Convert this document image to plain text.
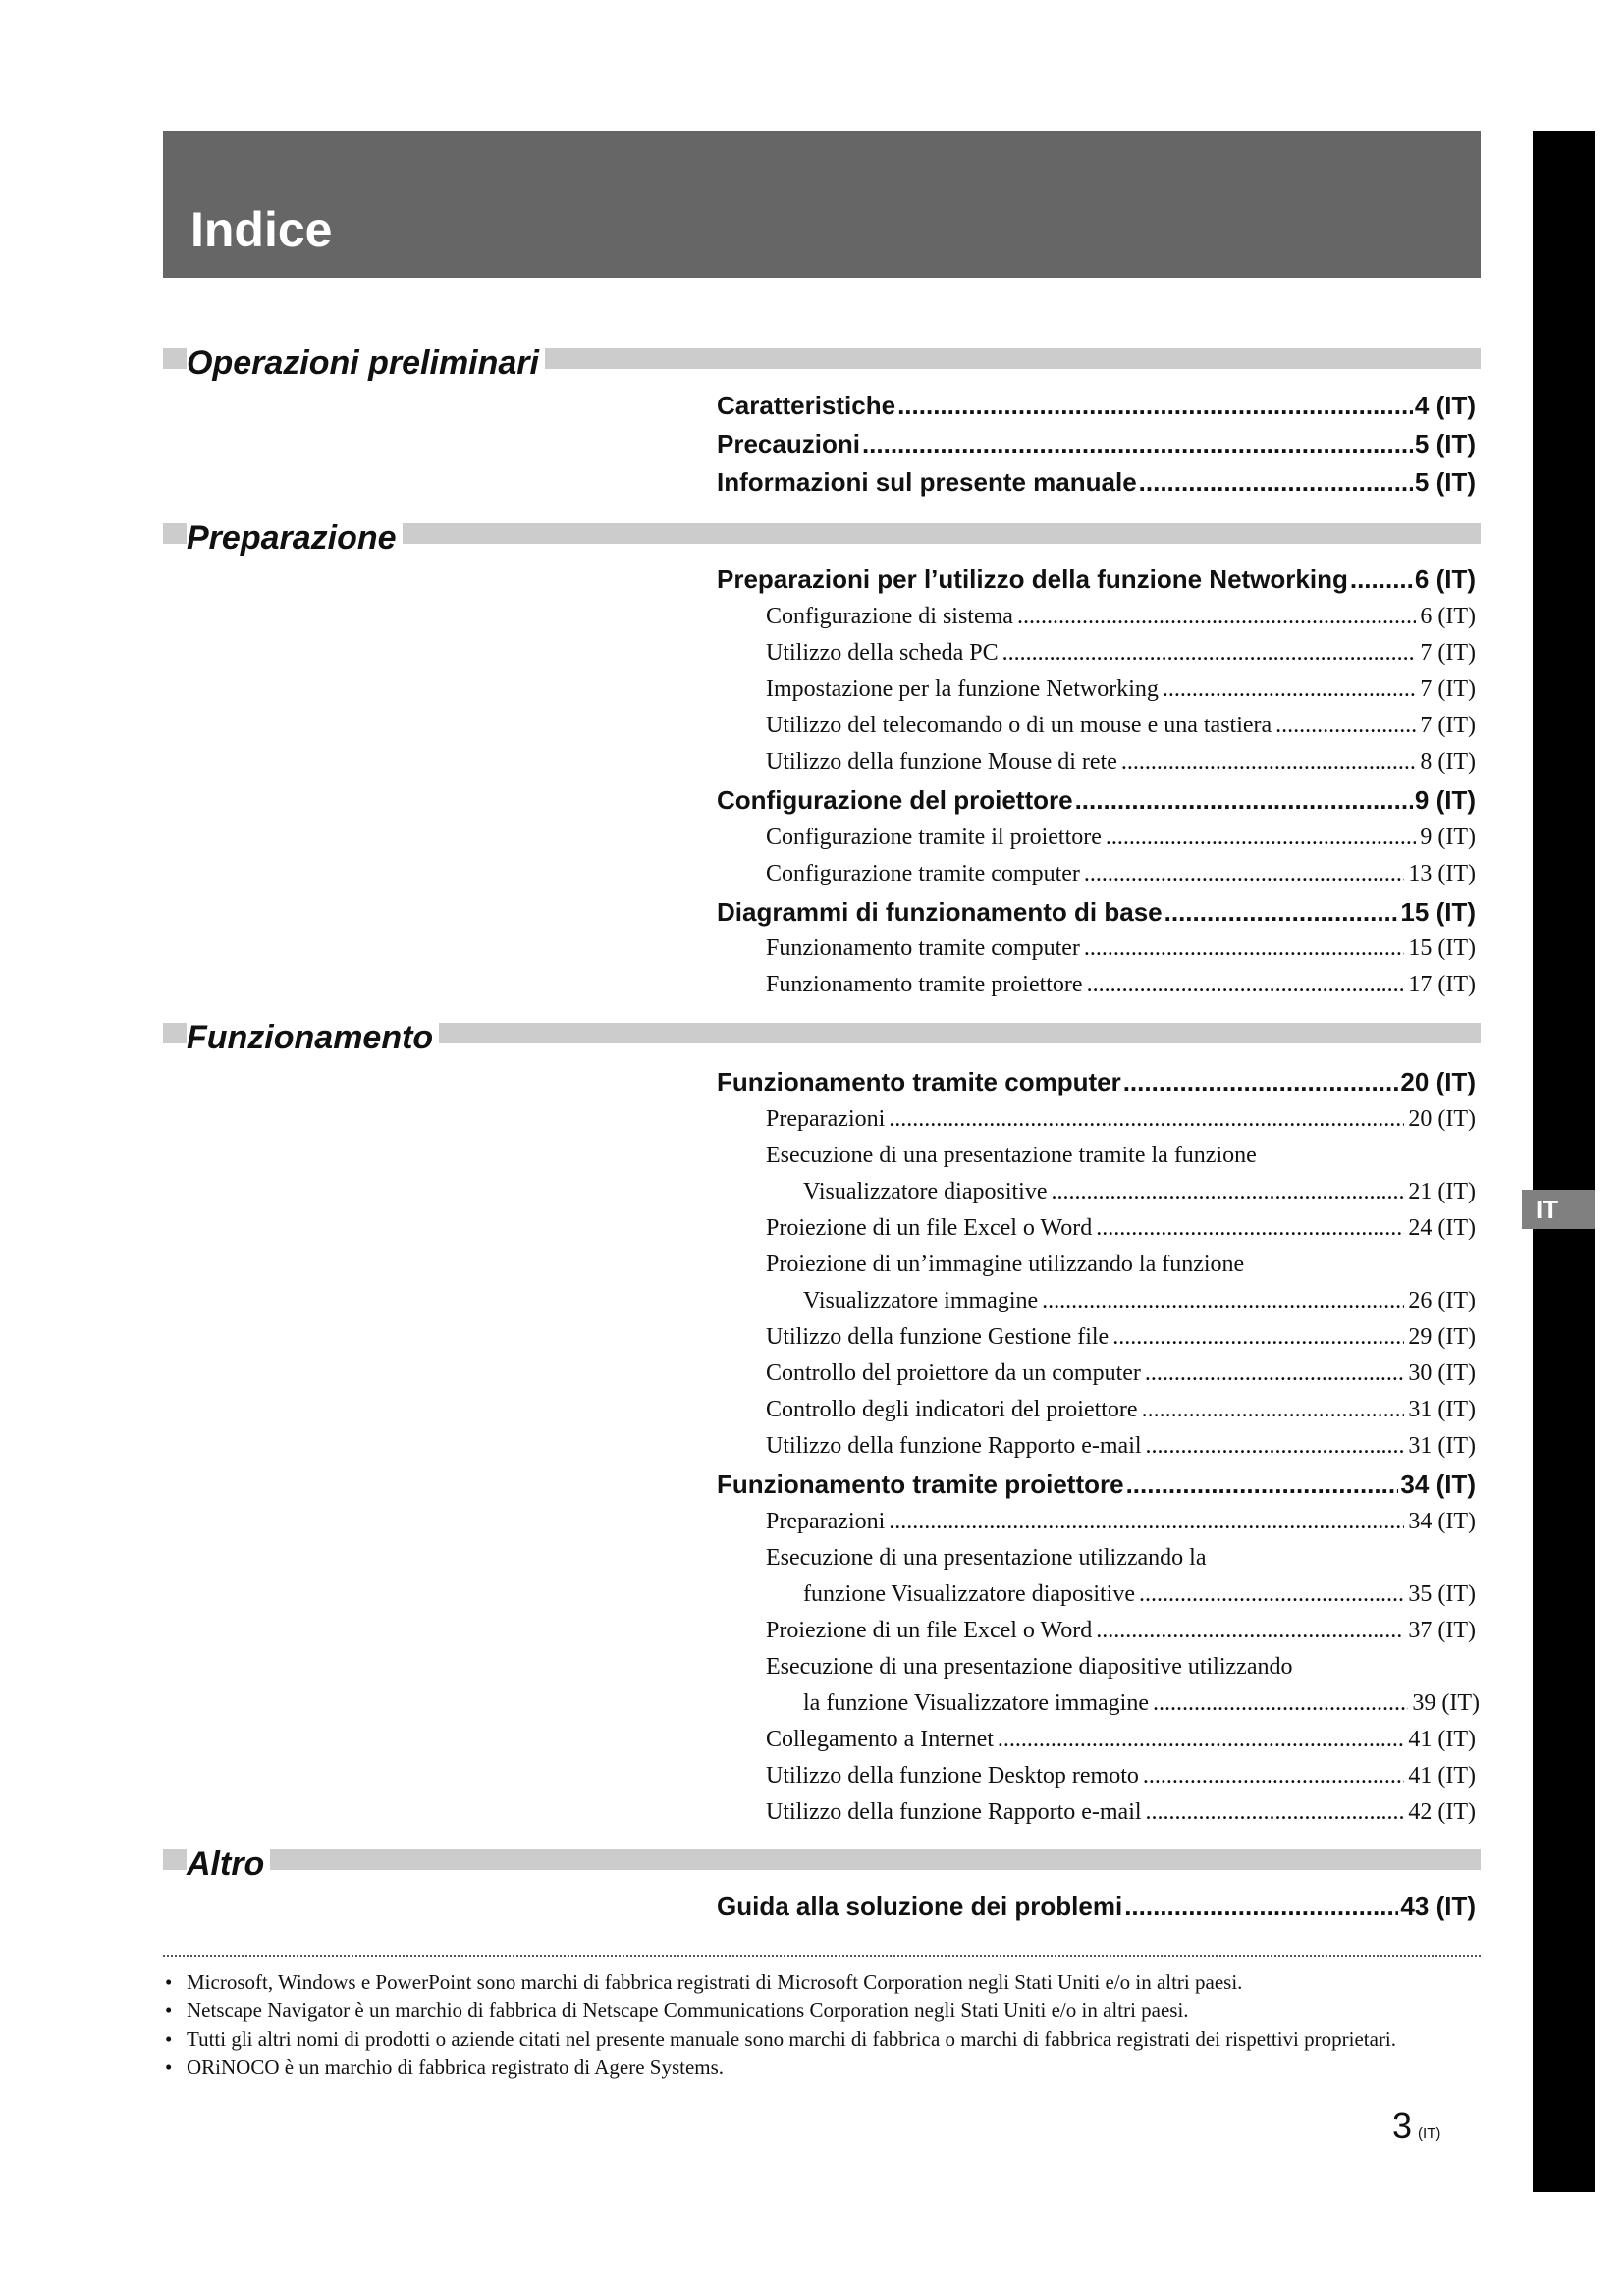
Indice
IT
Operazioni preliminari
Caratteristiche .....	4 (IT)
Precauzioni .....	5 (IT)
Informazioni sul presente manuale .....	5 (IT)
Preparazione
Preparazioni per l’utilizzo della funzione Networking .....	6 (IT)
Configurazione di sistema .....	6 (IT)
Utilizzo della scheda PC .....	7 (IT)
Impostazione per la funzione Networking .....	7 (IT)
Utilizzo del telecomando o di un mouse e una tastiera .....	7 (IT)
Utilizzo della funzione Mouse di rete .....	8 (IT)
Configurazione del proiettore .....	9 (IT)
Configurazione tramite il proiettore .....	9 (IT)
Configurazione tramite computer .....	13 (IT)
Diagrammi di funzionamento di base .....	15 (IT)
Funzionamento tramite computer .....	15 (IT)
Funzionamento tramite proiettore .....	17 (IT)
Funzionamento
Funzionamento tramite computer .....	20 (IT)
Preparazioni .....	20 (IT)
Esecuzione di una presentazione tramite la funzione
Visualizzatore diapositive .....	21 (IT)
Proiezione di un file Excel o Word .....	24 (IT)
Proiezione di un’immagine utilizzando la funzione
Visualizzatore immagine .....	26 (IT)
Utilizzo della funzione Gestione file .....	29 (IT)
Controllo del proiettore da un computer .....	30 (IT)
Controllo degli indicatori del proiettore .....	31 (IT)
Utilizzo della funzione Rapporto e-mail .....	31 (IT)
Funzionamento tramite proiettore .....	34 (IT)
Preparazioni .....	34 (IT)
Esecuzione di una presentazione utilizzando la
funzione Visualizzatore diapositive .....	35 (IT)
Proiezione di un file Excel o Word .....	37 (IT)
Esecuzione di una presentazione diapositive utilizzando
la funzione Visualizzatore immagine .....	39 (IT)
Collegamento a Internet .....	41 (IT)
Utilizzo della funzione Desktop remoto .....	41 (IT)
Utilizzo della funzione Rapporto e-mail .....	42 (IT)
Altro
Guida alla soluzione dei problemi .....	43 (IT)
• Microsoft, Windows e PowerPoint sono marchi di fabbrica registrati di Microsoft Corporation negli Stati Uniti e/o in altri paesi.
• Netscape Navigator è un marchio di fabbrica di Netscape Communications Corporation negli Stati Uniti e/o in altri paesi.
• Tutti gli altri nomi di prodotti o aziende citati nel presente manuale sono marchi di fabbrica o marchi di fabbrica registrati dei rispettivi proprietari.
• ORiNOCO è un marchio di fabbrica registrato di Agere Systems.
3 (IT)
